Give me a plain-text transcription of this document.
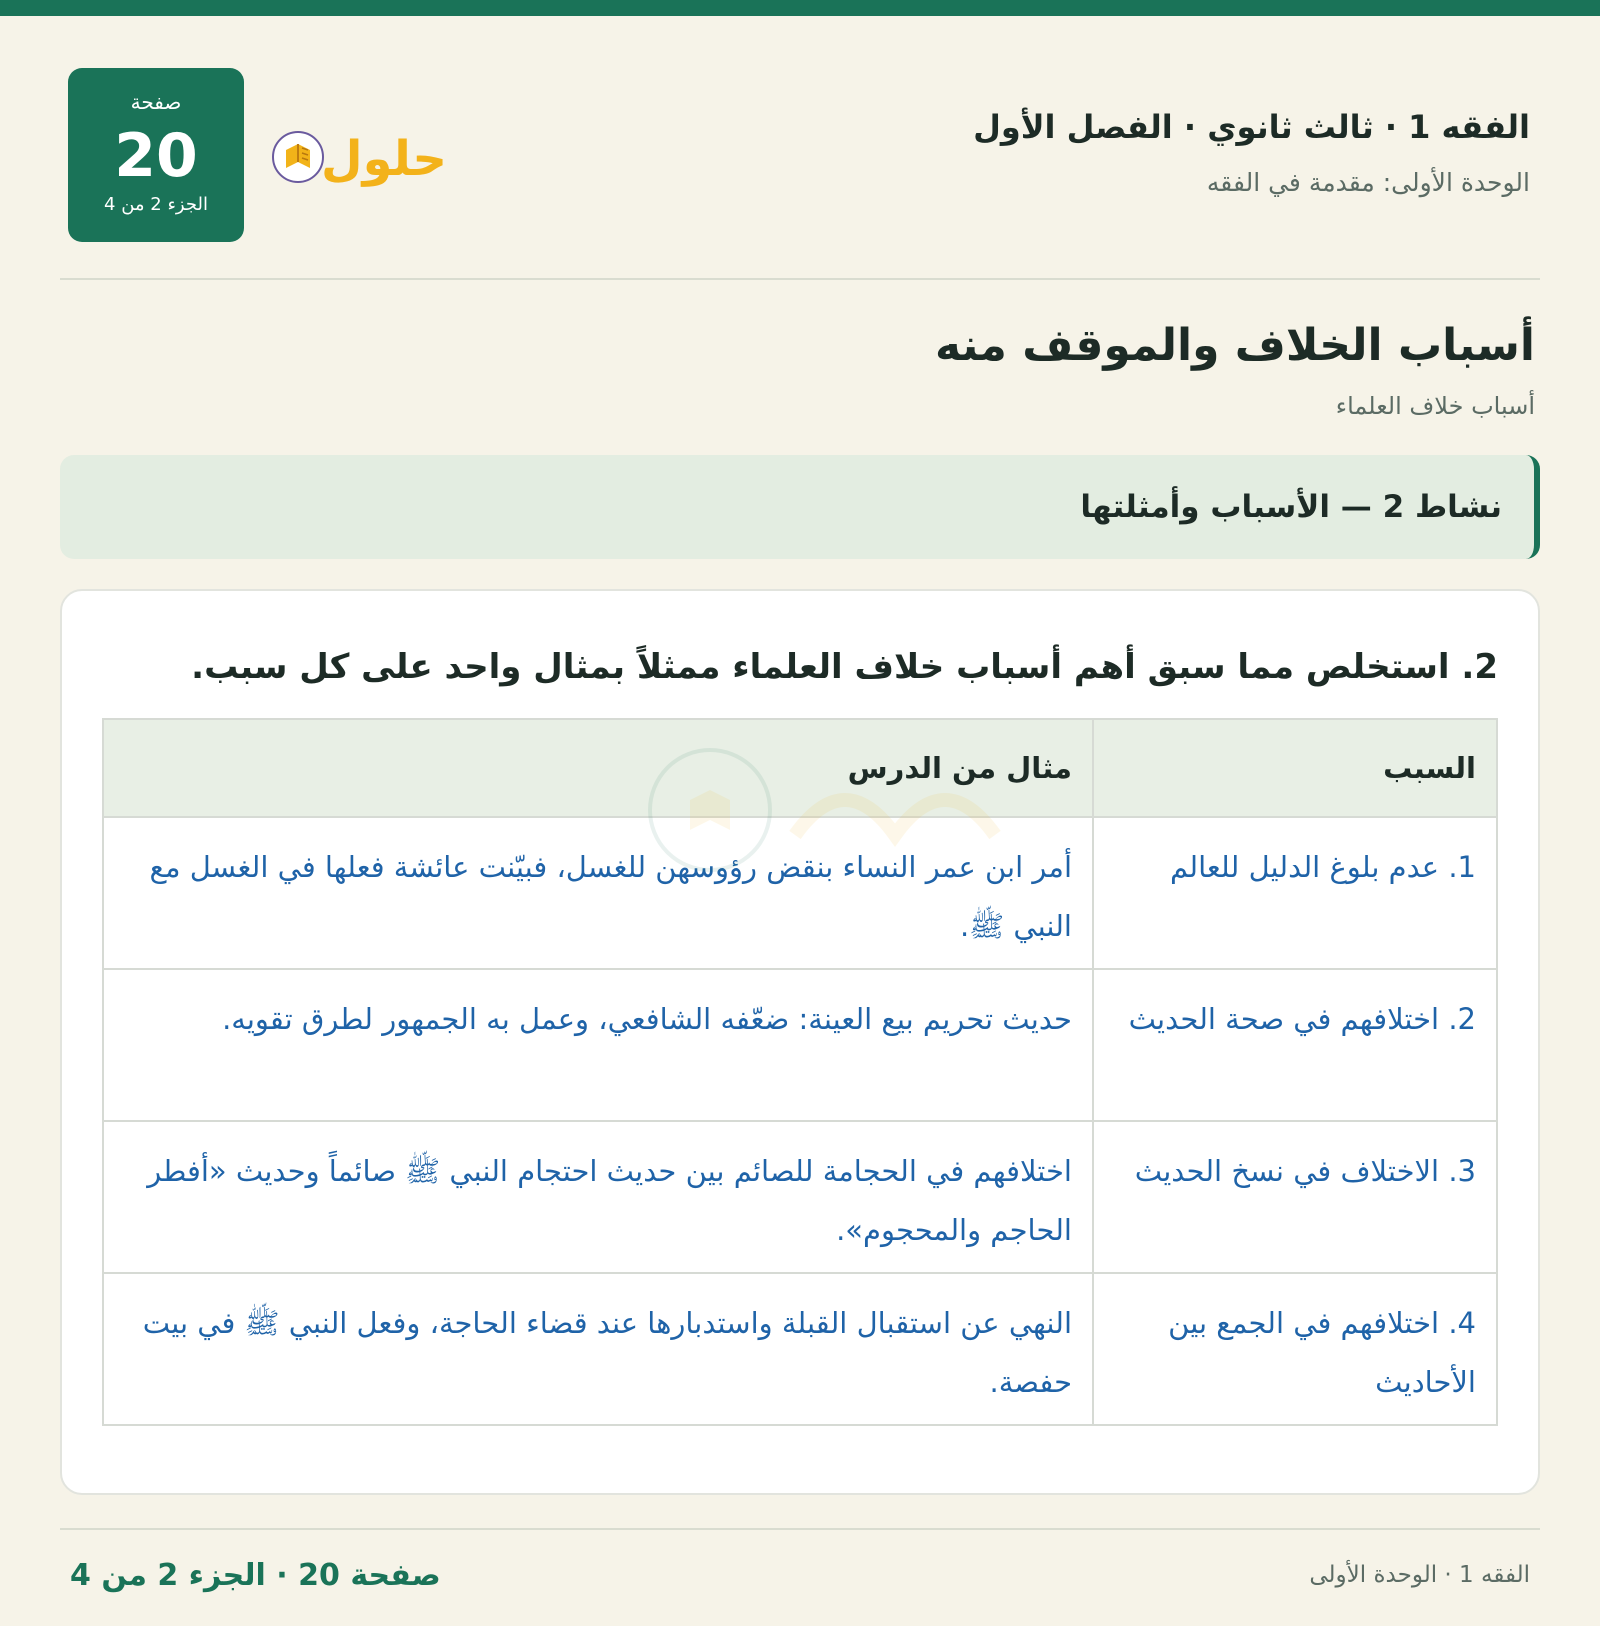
الفقه 1 · ثالث ثانوي · الفصل الأول
الوحدة الأولى: مقدمة في الفقه
صفحة
20
الجزء 2 من 4
حلول
أسباب الخلاف والموقف منه
أسباب خلاف العلماء
نشاط 2 — الأسباب وأمثلتها
2. استخلص مما سبق أهم أسباب خلاف العلماء ممثلاً بمثال واحد على كل سبب.
السبب	مثال من الدرس
1. عدم بلوغ الدليل للعالم	أمر ابن عمر النساء بنقض رؤوسهن للغسل، فبيّنت عائشة فعلها في الغسل مع النبي ﷺ.
2. اختلافهم في صحة الحديث	حديث تحريم بيع العينة: ضعّفه الشافعي، وعمل به الجمهور لطرق تقويه.
3. الاختلاف في نسخ الحديث	اختلافهم في الحجامة للصائم بين حديث احتجام النبي ﷺ صائماً وحديث «أفطر الحاجم والمحجوم».
4. اختلافهم في الجمع بين الأحاديث	النهي عن استقبال القبلة واستدبارها عند قضاء الحاجة، وفعل النبي ﷺ في بيت حفصة.
صفحة 20 · الجزء 2 من 4	الفقه 1 · الوحدة الأولى
